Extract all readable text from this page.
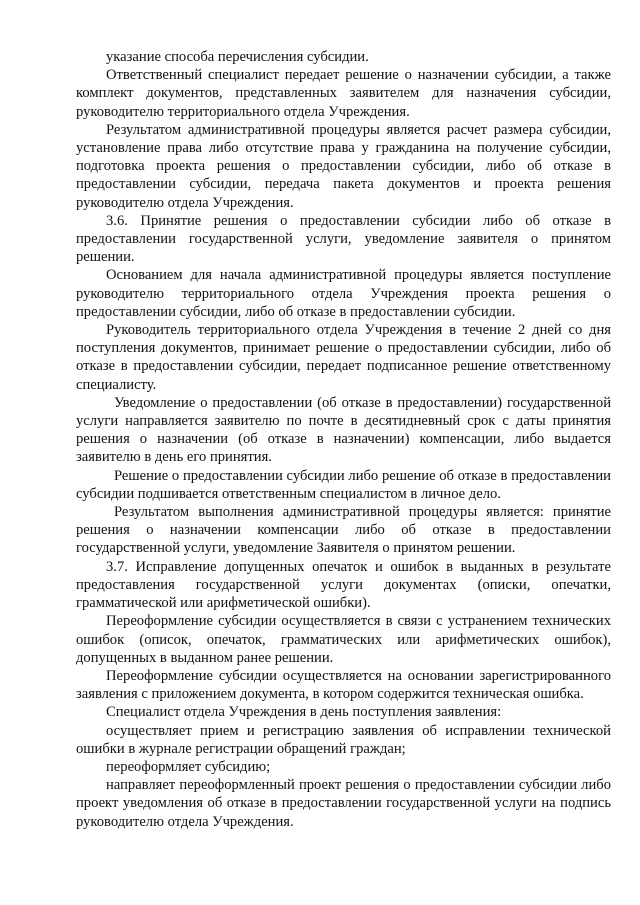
указание способа перечисления субсидии.

Ответственный специалист передает решение о назначении субсидии, а также комплект документов, представленных заявителем для назначения субсидии, руководителю территориального отдела Учреждения.

Результатом административной процедуры является расчет размера субсидии, установление права либо отсутствие права у гражданина на получение субсидии, подготовка проекта решения о предоставлении субсидии, либо об отказе в предоставлении субсидии, передача пакета документов и проекта решения руководителю отдела Учреждения.

3.6. Принятие решения о предоставлении субсидии либо об отказе в предоставлении государственной услуги, уведомление заявителя о принятом решении.

Основанием для начала административной процедуры является поступление руководителю территориального отдела Учреждения проекта решения о предоставлении субсидии, либо об отказе в предоставлении субсидии.

Руководитель территориального отдела Учреждения в течение 2 дней со дня поступления документов, принимает решение о предоставлении субсидии, либо об отказе в предоставлении субсидии, передает подписанное решение ответственному специалисту.

Уведомление о предоставлении (об отказе в предоставлении) государственной услуги направляется заявителю по почте в десятидневный срок с даты принятия решения о назначении (об отказе в назначении) компенсации, либо выдается заявителю в день его принятия.

Решение о предоставлении субсидии либо решение об отказе в предоставлении субсидии подшивается ответственным специалистом в личное дело.

Результатом выполнения административной процедуры является: принятие решения о назначении компенсации либо об отказе в предоставлении государственной услуги, уведомление Заявителя о принятом решении.

3.7. Исправление допущенных опечаток и ошибок в выданных в результате предоставления государственной услуги документах (описки, опечатки, грамматической или арифметической ошибки).

Переоформление субсидии осуществляется в связи с устранением технических ошибок (описок, опечаток, грамматических или арифметических ошибок), допущенных в выданном ранее решении.

Переоформление субсидии осуществляется на основании зарегистрированного заявления с приложением документа, в котором содержится техническая ошибка.

Специалист отдела Учреждения в день поступления заявления:

осуществляет прием и регистрацию заявления об исправлении технической ошибки в журнале регистрации обращений граждан;

переоформляет субсидию;

направляет переоформленный проект решения о предоставлении субсидии либо проект уведомления об отказе в предоставлении государственной услуги на подпись руководителю отдела Учреждения.
